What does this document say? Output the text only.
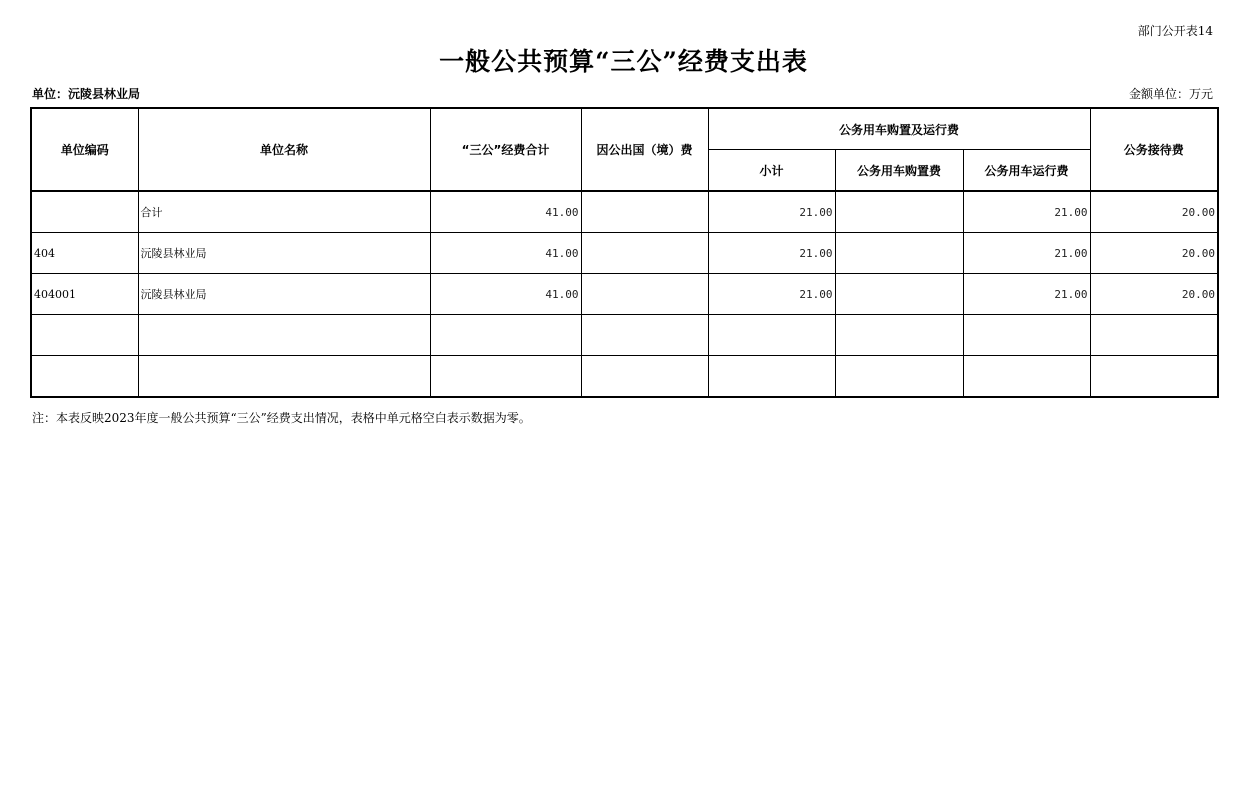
部门公开表14
一般公共预算“三公”经费支出表
单位：沅陵县林业局	金额单位：万元
单位编码	单位名称	“三公”经费合计	因公出国（境）费	公务用车购置及运行费			公务接待费
				小计	公务用车购置费	公务用车运行费	
	合计	41.00		21.00		21.00	20.00
404	沅陵县林业局	41.00		21.00		21.00	20.00
404001	沅陵县林业局	41.00		21.00		21.00	20.00

注：本表反映2023年度一般公共预算“三公”经费支出情况，表格中单元格空白表示数据为零。
